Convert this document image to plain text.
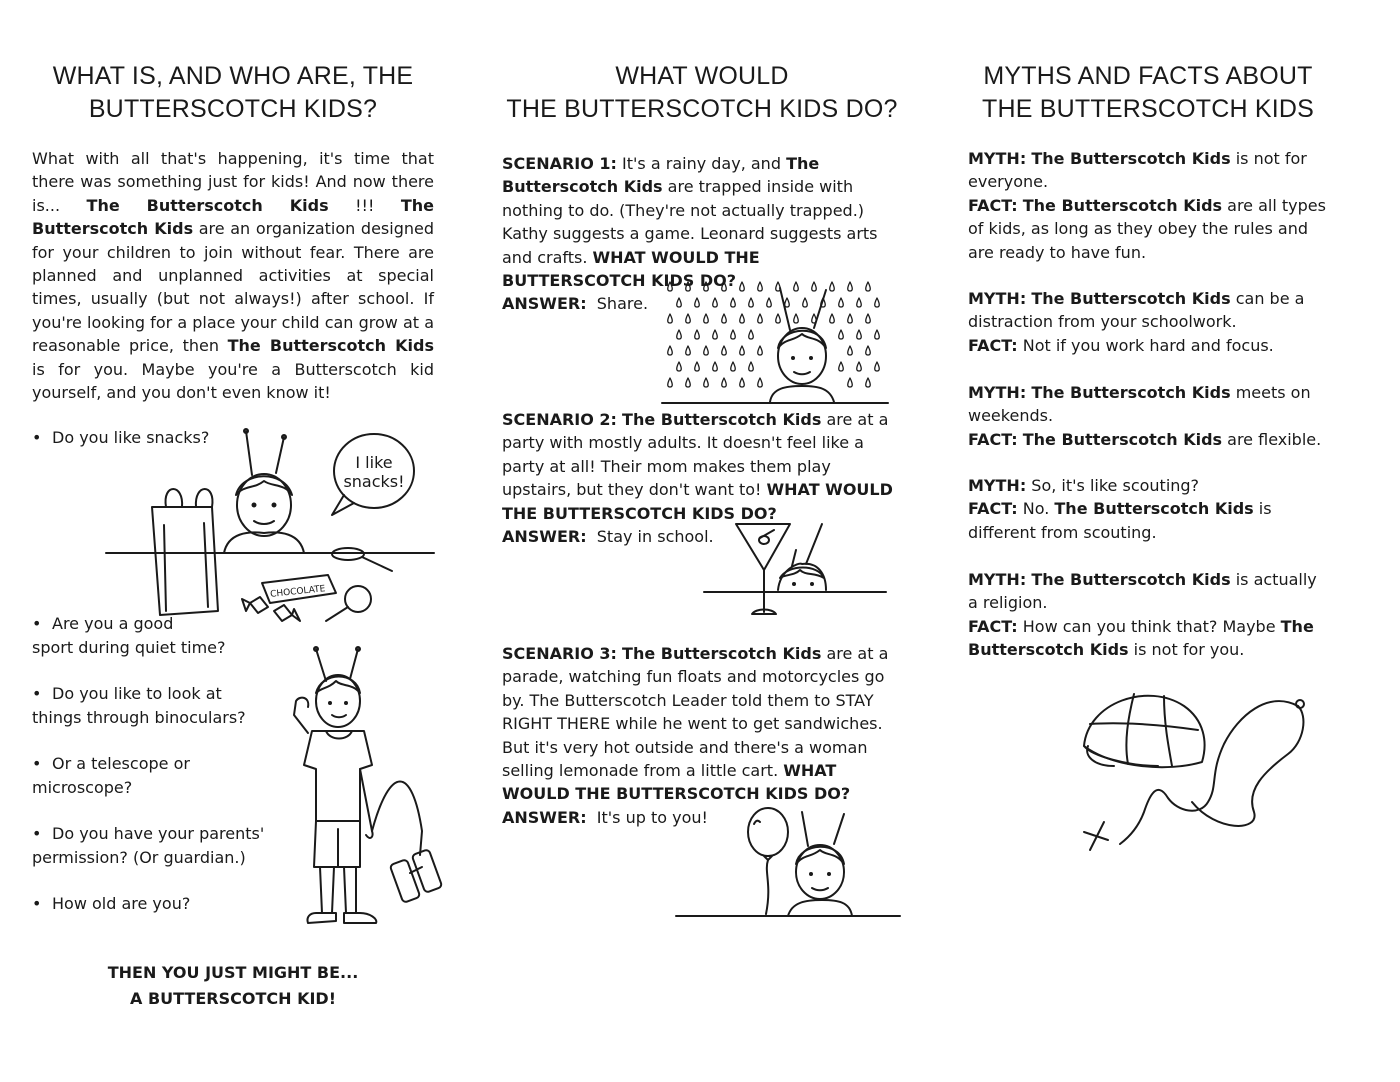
WHAT IS, AND WHO ARE, THE
BUTTERSCOTCH KIDS?

What with all that's happening, it's time that there was something just for kids! And now there is... The Butterscotch Kids !!! The Butterscotch Kids are an organization designed for your children to join without fear. There are planned and unplanned activities at special times, usually (but not always!) after school. If you're looking for a place your child can grow at a reasonable price, then The Butterscotch Kids is for you. Maybe you're a Butterscotch kid yourself, and you don't even know it!

• Do you like snacks?
• Are you a good
sport during quiet time?
• Do you like to look at
things through binoculars?
• Or a telescope or
microscope?
• Do you have your parents'
permission? (Or guardian.)
• How old are you?
I like
snacks!
CHOCOLATE
THEN YOU JUST MIGHT BE...
A BUTTERSCOTCH KID!
WHAT WOULD
THE BUTTERSCOTCH KIDS DO?

SCENARIO 1: It's a rainy day, and The Butterscotch Kids are trapped inside with nothing to do. (They're not actually trapped.) Kathy suggests a game. Leonard suggests arts and crafts. WHAT WOULD THE BUTTERSCOTCH KIDS DO?

ANSWER: Share.

SCENARIO 2: The Butterscotch Kids are at a party with mostly adults. It doesn't feel like a party at all! Their mom makes them play upstairs, but they don't want to! WHAT WOULD THE BUTTERSCOTCH KIDS DO?

ANSWER: Stay in school.

SCENARIO 3: The Butterscotch Kids are at a parade, watching fun floats and motorcycles go by. The Butterscotch Leader told them to STAY RIGHT THERE while he went to get sandwiches. But it's very hot outside and there's a woman selling lemonade from a little cart. WHAT WOULD THE BUTTERSCOTCH KIDS DO?

ANSWER: It's up to you!

MYTHS AND FACTS ABOUT
THE BUTTERSCOTCH KIDS
MYTH: The Butterscotch Kids is not for everyone.
FACT: The Butterscotch Kids are all types of kids, as long as they obey the rules and are ready to have fun.
MYTH: The Butterscotch Kids can be a distraction from your schoolwork.
FACT: Not if you work hard and focus.
MYTH: The Butterscotch Kids meets on weekends.
FACT: The Butterscotch Kids are flexible.
MYTH: So, it's like scouting?
FACT: No. The Butterscotch Kids is different from scouting.
MYTH: The Butterscotch Kids is actually a religion.
FACT: How can you think that? Maybe The Butterscotch Kids is not for you.
